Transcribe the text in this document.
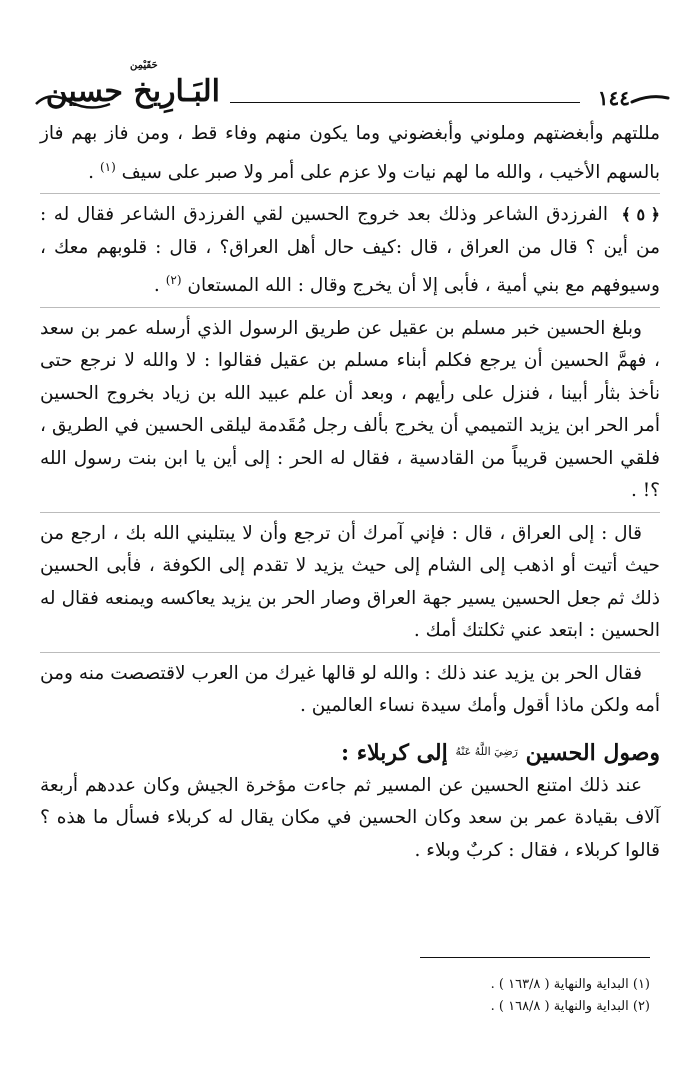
حَقَيْمِن
البَـارِيخ حسين	١٤٤

مللتهم وأبغضتهم وملوني وأبغضوني وما يكون منهم وفاء قط ، ومن فاز بهم فاز بالسهم الأخيب ، والله ما لهم نيات ولا عزم على أمر ولا صبر على سيف $^{(١)}$ .

﴿ ٥ ﴾ الفرزدق الشاعر وذلك بعد خروج الحسين لقي الفرزدق الشاعر فقال له : من أين ؟ قال من العراق ، قال :كيف حال أهل العراق؟ ، قال : قلوبهم معك ، وسيوفهم مع بني أمية ، فأبى إلا أن يخرج وقال : الله المستعان $^{(٢)}$ .

وبلغ الحسين خبر مسلم بن عقيل عن طريق الرسول الذي أرسله عمر بن سعد ، فهمَّ الحسين أن يرجع فكلم أبناء مسلم بن عقيل فقالوا : لا والله لا نرجع حتى نأخذ بثأر أبينا ، فنزل على رأيهم ، وبعد أن علم عبيد الله بن زياد بخروج الحسين أمر الحر ابن يزيد التميمي أن يخرج بألف رجل مُقَدمة ليلقى الحسين في الطريق ، فلقي الحسين قريباً من القادسية ، فقال له الحر : إلى أين يا ابن بنت رسول الله ؟! .

قال : إلى العراق ، قال : فإني آمرك أن ترجع وأن لا يبتليني الله بك ، ارجع من حيث أتيت أو اذهب إلى الشام إلى حيث يزيد لا تقدم إلى الكوفة ، فأبى الحسين ذلك ثم جعل الحسين يسير جهة العراق وصار الحر بن يزيد يعاكسه ويمنعه فقال له الحسين : ابتعد عني ثكلتك أمك .

فقال الحر بن يزيد عند ذلك : والله لو قالها غيرك من العرب لاقتصصت منه ومن أمه ولكن ماذا أقول وأمك سيدة نساء العالمين .

وصول الحسين $^{رَضِيَ اللَّهُ عَنْهُ}$ إلى كربلاء :

عند ذلك امتنع الحسين عن المسير ثم جاءت مؤخرة الجيش وكان عددهم أربعة آلاف بقيادة عمر بن سعد وكان الحسين في مكان يقال له كربلاء فسأل ما هذه ؟ قالوا كربلاء ، فقال : كربٌ وبلاء .

(١) البداية والنهاية ( ١٦٣/٨ ) .
(٢) البداية والنهاية ( ١٦٨/٨ ) .
